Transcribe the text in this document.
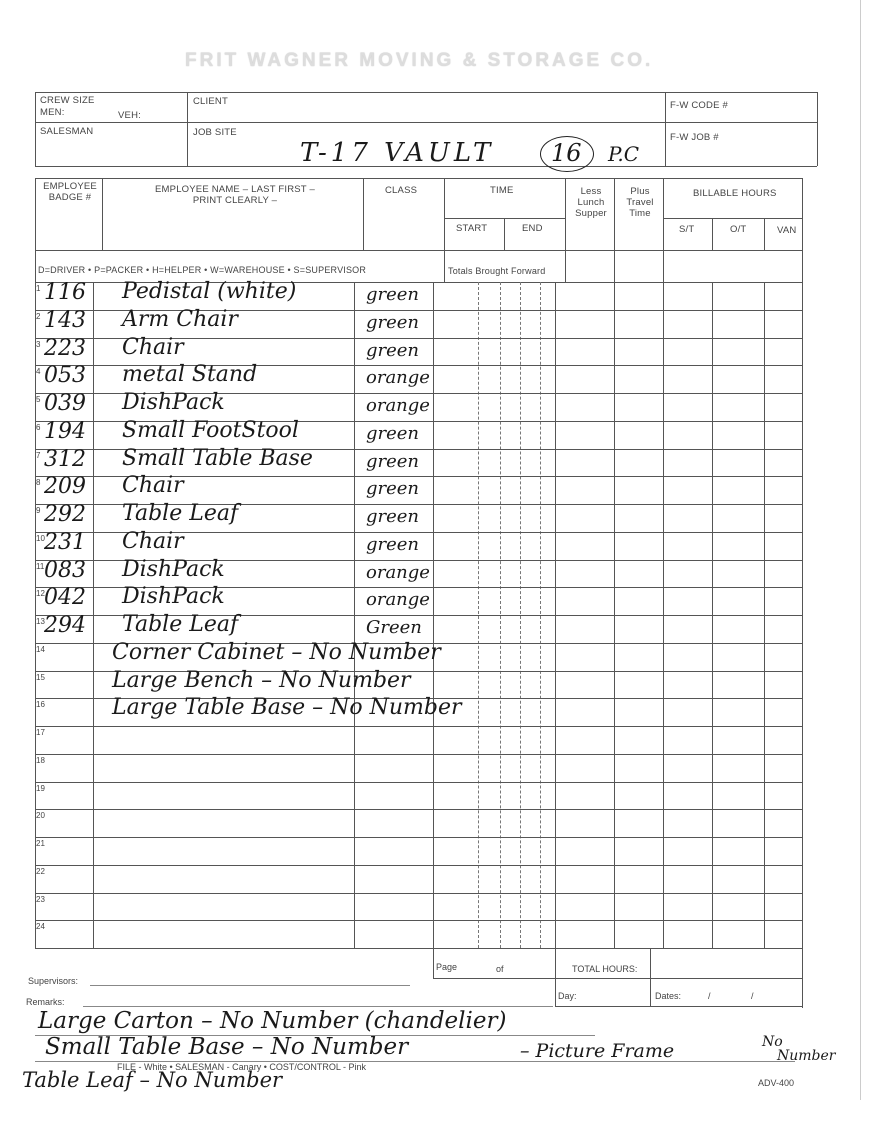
FRIT WAGNER MOVING & STORAGE CO.
CREW SIZE
MEN:	VEH:
CLIENT	F-W CODE #
SALESMAN	JOB SITE	F-W JOB #
T-17 VAULT 16 P.C
EMPLOYEE BADGE #
EMPLOYEE NAME – LAST FIRST – PRINT CLEARLY –
CLASS	TIME
START	END
Less Lunch Supper
Plus Travel Time
BILLABLE HOURS
S/T	O/T	VAN
D=DRIVER • P=PACKER • H=HELPER • W=WAREHOUSE • S=SUPERVISOR	Totals Brought Forward
1 116 Pedistal (white)	green
2 143 Arm Chair	green
3 223 Chair	green
4 053 metal Stand	orange
5 039 DishPack	orange
6 194 Small FootStool	green
7 312 Small Table Base	green
8 209 Chair	green
9 292 Table Leaf	green
10 231 Chair	green
11 083 DishPack	orange
12 042 DishPack	orange
13 294 Table Leaf	Green
14	Corner Cabinet – No Number
15	Large Bench – No Number
16	Large Table Base – No Number
17
18
19
20
21
22
23
24
Supervisors:
Page	of	TOTAL HOURS:
Remarks:
Day:	Dates:	/	/
Large Carton – No Number (chandelier)
Small Table Base – No Number	– Picture Frame	No
Number
Table Leaf – No Number
FILE - White • SALESMAN - Canary • COST/CONTROL - Pink
ADV-400
